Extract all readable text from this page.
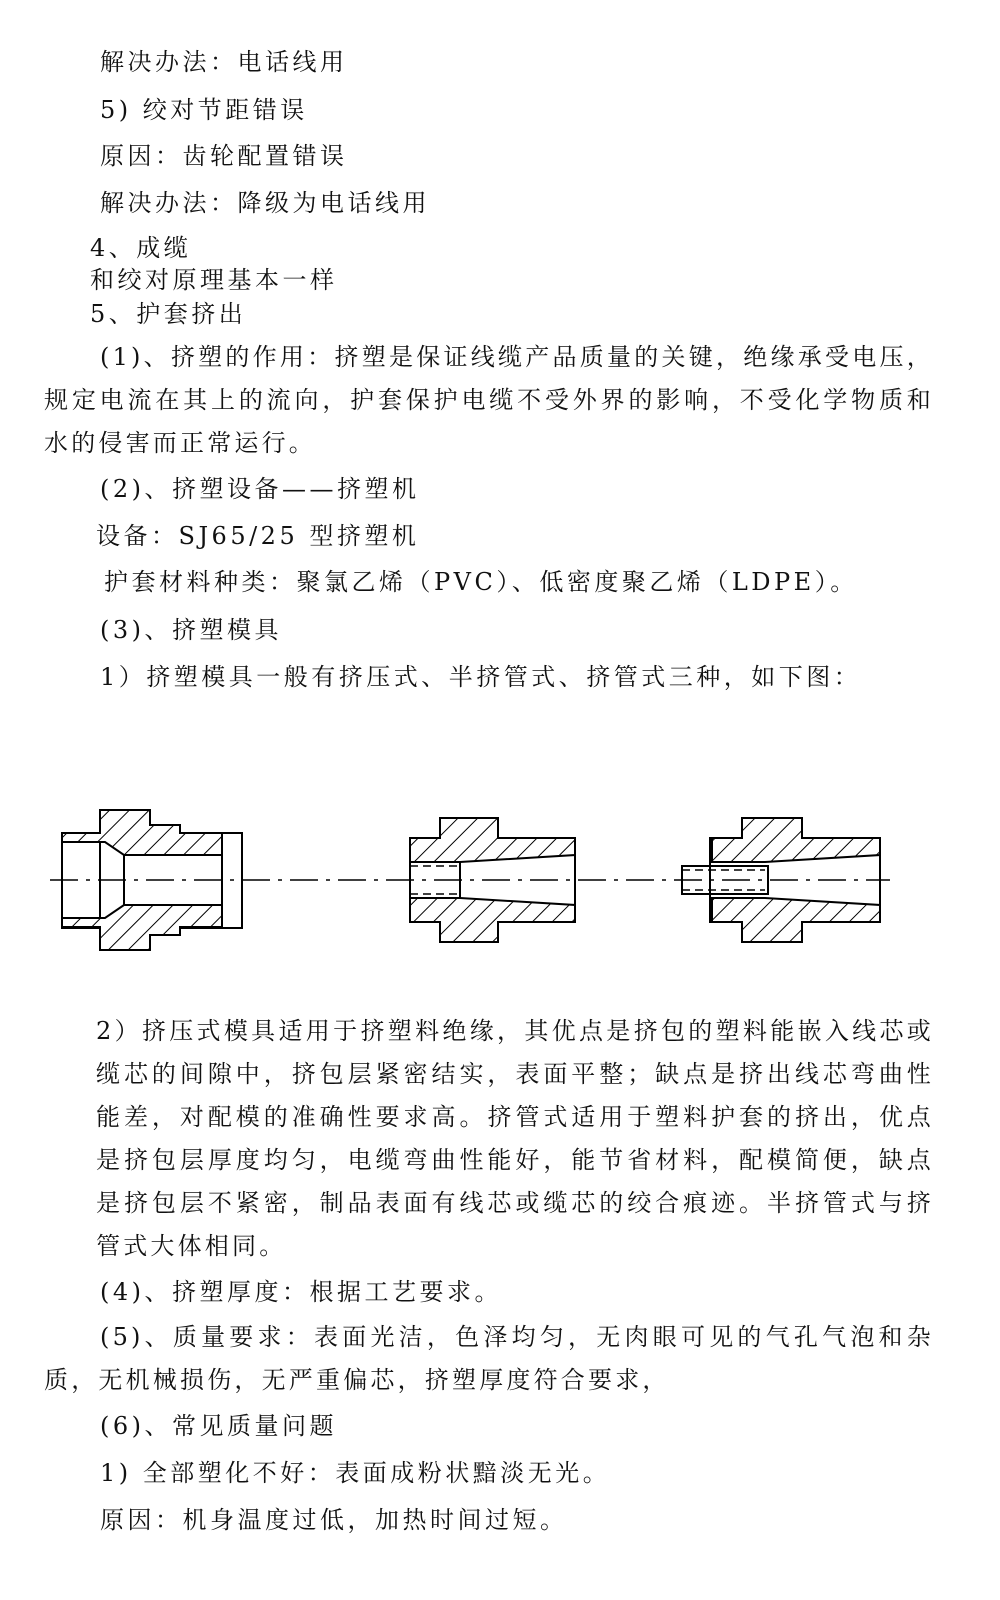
解决办法：电话线用
5) 绞对节距错误
原因：齿轮配置错误
解决办法：降级为电话线用
4、成缆
和绞对原理基本一样
5、护套挤出
(1)、挤塑的作用：挤塑是保证线缆产品质量的关键，绝缘承受电压，规定电流在其上的流向，护套保护电缆不受外界的影响，不受化学物质和水的侵害而正常运行。
(2)、挤塑设备——挤塑机
设备：SJ65/25 型挤塑机
护套材料种类：聚氯乙烯（PVC）、低密度聚乙烯（LDPE）。
(3)、挤塑模具
1）挤塑模具一般有挤压式、半挤管式、挤管式三种，如下图：
2）挤压式模具适用于挤塑料绝缘，其优点是挤包的塑料能嵌入线芯或缆芯的间隙中，挤包层紧密结实，表面平整；缺点是挤出线芯弯曲性能差，对配模的准确性要求高。挤管式适用于塑料护套的挤出，优点是挤包层厚度均匀，电缆弯曲性能好，能节省材料，配模简便，缺点是挤包层不紧密，制品表面有线芯或缆芯的绞合痕迹。半挤管式与挤管式大体相同。
(4)、挤塑厚度：根据工艺要求。
(5)、质量要求：表面光洁，色泽均匀，无肉眼可见的气孔气泡和杂质，无机械损伤，无严重偏芯，挤塑厚度符合要求，
(6)、常见质量问题
1) 全部塑化不好：表面成粉状黯淡无光。
原因：机身温度过低，加热时间过短。
